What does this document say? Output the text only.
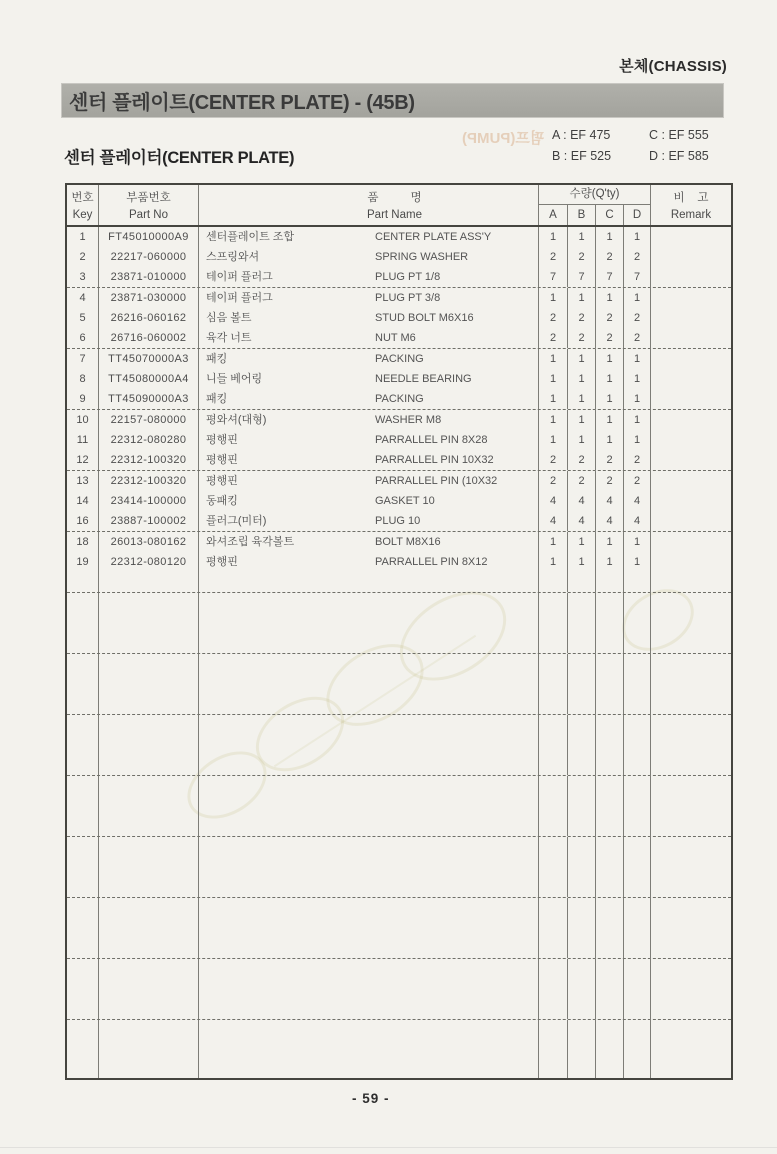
본체(CHASSIS)
센터 플레이트(CENTER PLATE) - (45B)
펌프(PUMP)
센터 플레이터(CENTER PLATE)
A : EF 475
B : EF 525
C : EF 555
D : EF 585
번호
Key
부품번호
Part No
품          명
Part Name
수량(Q'ty)
A	B	C	D
비    고
Remark
1	FT45010000A9	센터플레이트 조합	CENTER PLATE ASS'Y	1	1	1	1
2	22217-060000	스프링와셔	SPRING WASHER	2	2	2	2
3	23871-010000	테이퍼 플러그	PLUG PT 1/8	7	7	7	7
4	23871-030000	테이퍼 플러그	PLUG PT 3/8	1	1	1	1
5	26216-060162	심음 볼트	STUD BOLT M6X16	2	2	2	2
6	26716-060002	육각 너트	NUT M6	2	2	2	2
7	TT45070000A3	패킹	PACKING	1	1	1	1
8	TT45080000A4	니들 베어링	NEEDLE BEARING	1	1	1	1
9	TT45090000A3	패킹	PACKING	1	1	1	1
10	22157-080000	평와셔(대형)	WASHER M8	1	1	1	1
11	22312-080280	평행핀	PARRALLEL PIN 8X28	1	1	1	1
12	22312-100320	평행핀	PARRALLEL PIN 10X32	2	2	2	2
13	22312-100320	평행핀	PARRALLEL PIN (10X32	2	2	2	2
14	23414-100000	동패킹	GASKET 10	4	4	4	4
16	23887-100002	플러그(미터)	PLUG 10	4	4	4	4
18	26013-080162	와셔조립 육각볼트	BOLT M8X16	1	1	1	1
19	22312-080120	평행핀	PARRALLEL PIN 8X12	1	1	1	1
- 59 -
